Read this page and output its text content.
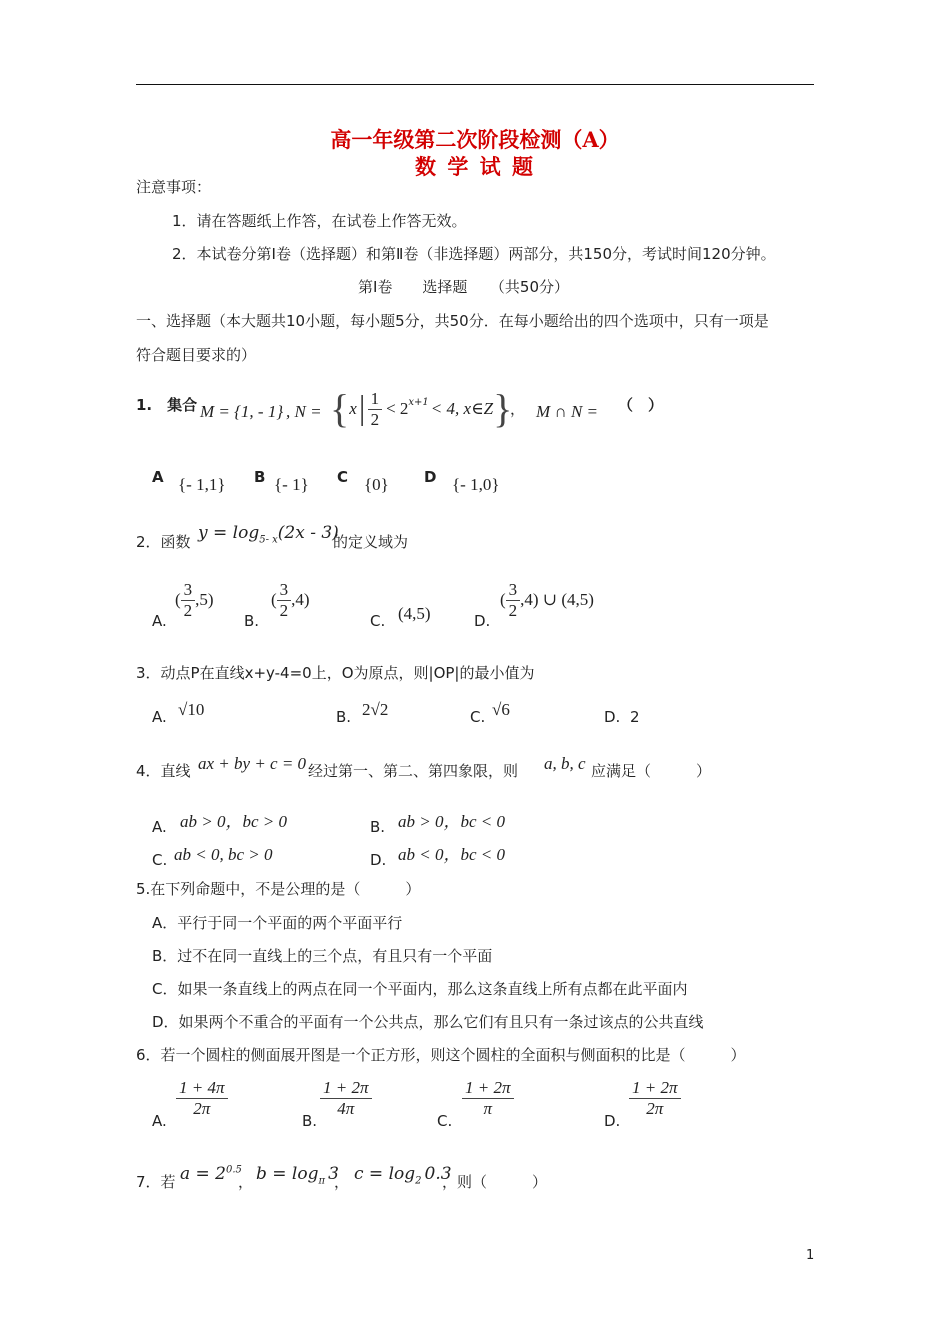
高一年级第二次阶段检测（A）
数 学 试 题
注意事项：
1．请在答题纸上作答，在试卷上作答无效。
2．本试卷分第Ⅰ卷（选择题）和第Ⅱ卷（非选择题）两部分，共150分，考试时间120分钟。
第Ⅰ卷　　选择题　　（共50分）
一、选择题（本大题共10小题，每小题5分，共50分．在每小题给出的四个选项中，只有一项是
符合题目要求的）
1.　集合 M = {1, - 1} , N = { x | $\frac{1}{2} < 2^{x+1} < 4$, x∈Z }
， M ∩ N = （　）
A {- 1,1} B {- 1} C {0} D {- 1,0}
2．函数 $y = \log_{5- x}(2x - 3)$
的定义域为
A.
( $\frac{3}{2} ,5$)
B.
( $\frac{3}{2} ,4$)
C. (4,5)	D.
( $\frac{3}{2} ,4$) ∪ (4,5)
3．动点P在直线x+y-4=0上，O为原点，则|OP|的最小值为
A. √10	B. 2√2	C. √6	D. 2
4．直线 ax + by + c = 0 经过第一、第二、第四象限，则 a, b, c 应满足（　　　）
A. ab > 0，bc > 0	B. ab > 0，bc < 0
C. ab < 0, bc > 0	D. ab < 0，bc < 0
5.在下列命题中，不是公理的是（　　　）
A．平行于同一个平面的两个平面平行
B．过不在同一直线上的三个点，有且只有一个平面
C．如果一条直线上的两点在同一个平面内，那么这条直线上所有点都在此平面内
D．如果两个不重合的平面有一个公共点，那么它们有且只有一条过该点的公共直线
6．若一个圆柱的侧面展开图是一个正方形，则这个圆柱的全面积与侧面积的比是（　　　）
A.
$\frac{1 + 4\pi}{2\pi}$
B.
$\frac{1 + 2\pi}{4\pi}$
C.
$\frac{1 + 2\pi}{\pi}$
D.
$\frac{1 + 2\pi}{2\pi}$
7．若 $a = 2^{0.5}$
， $b = \log_\pi 3$
， $c = \log_2 0.3$
，则（　　　）
1
